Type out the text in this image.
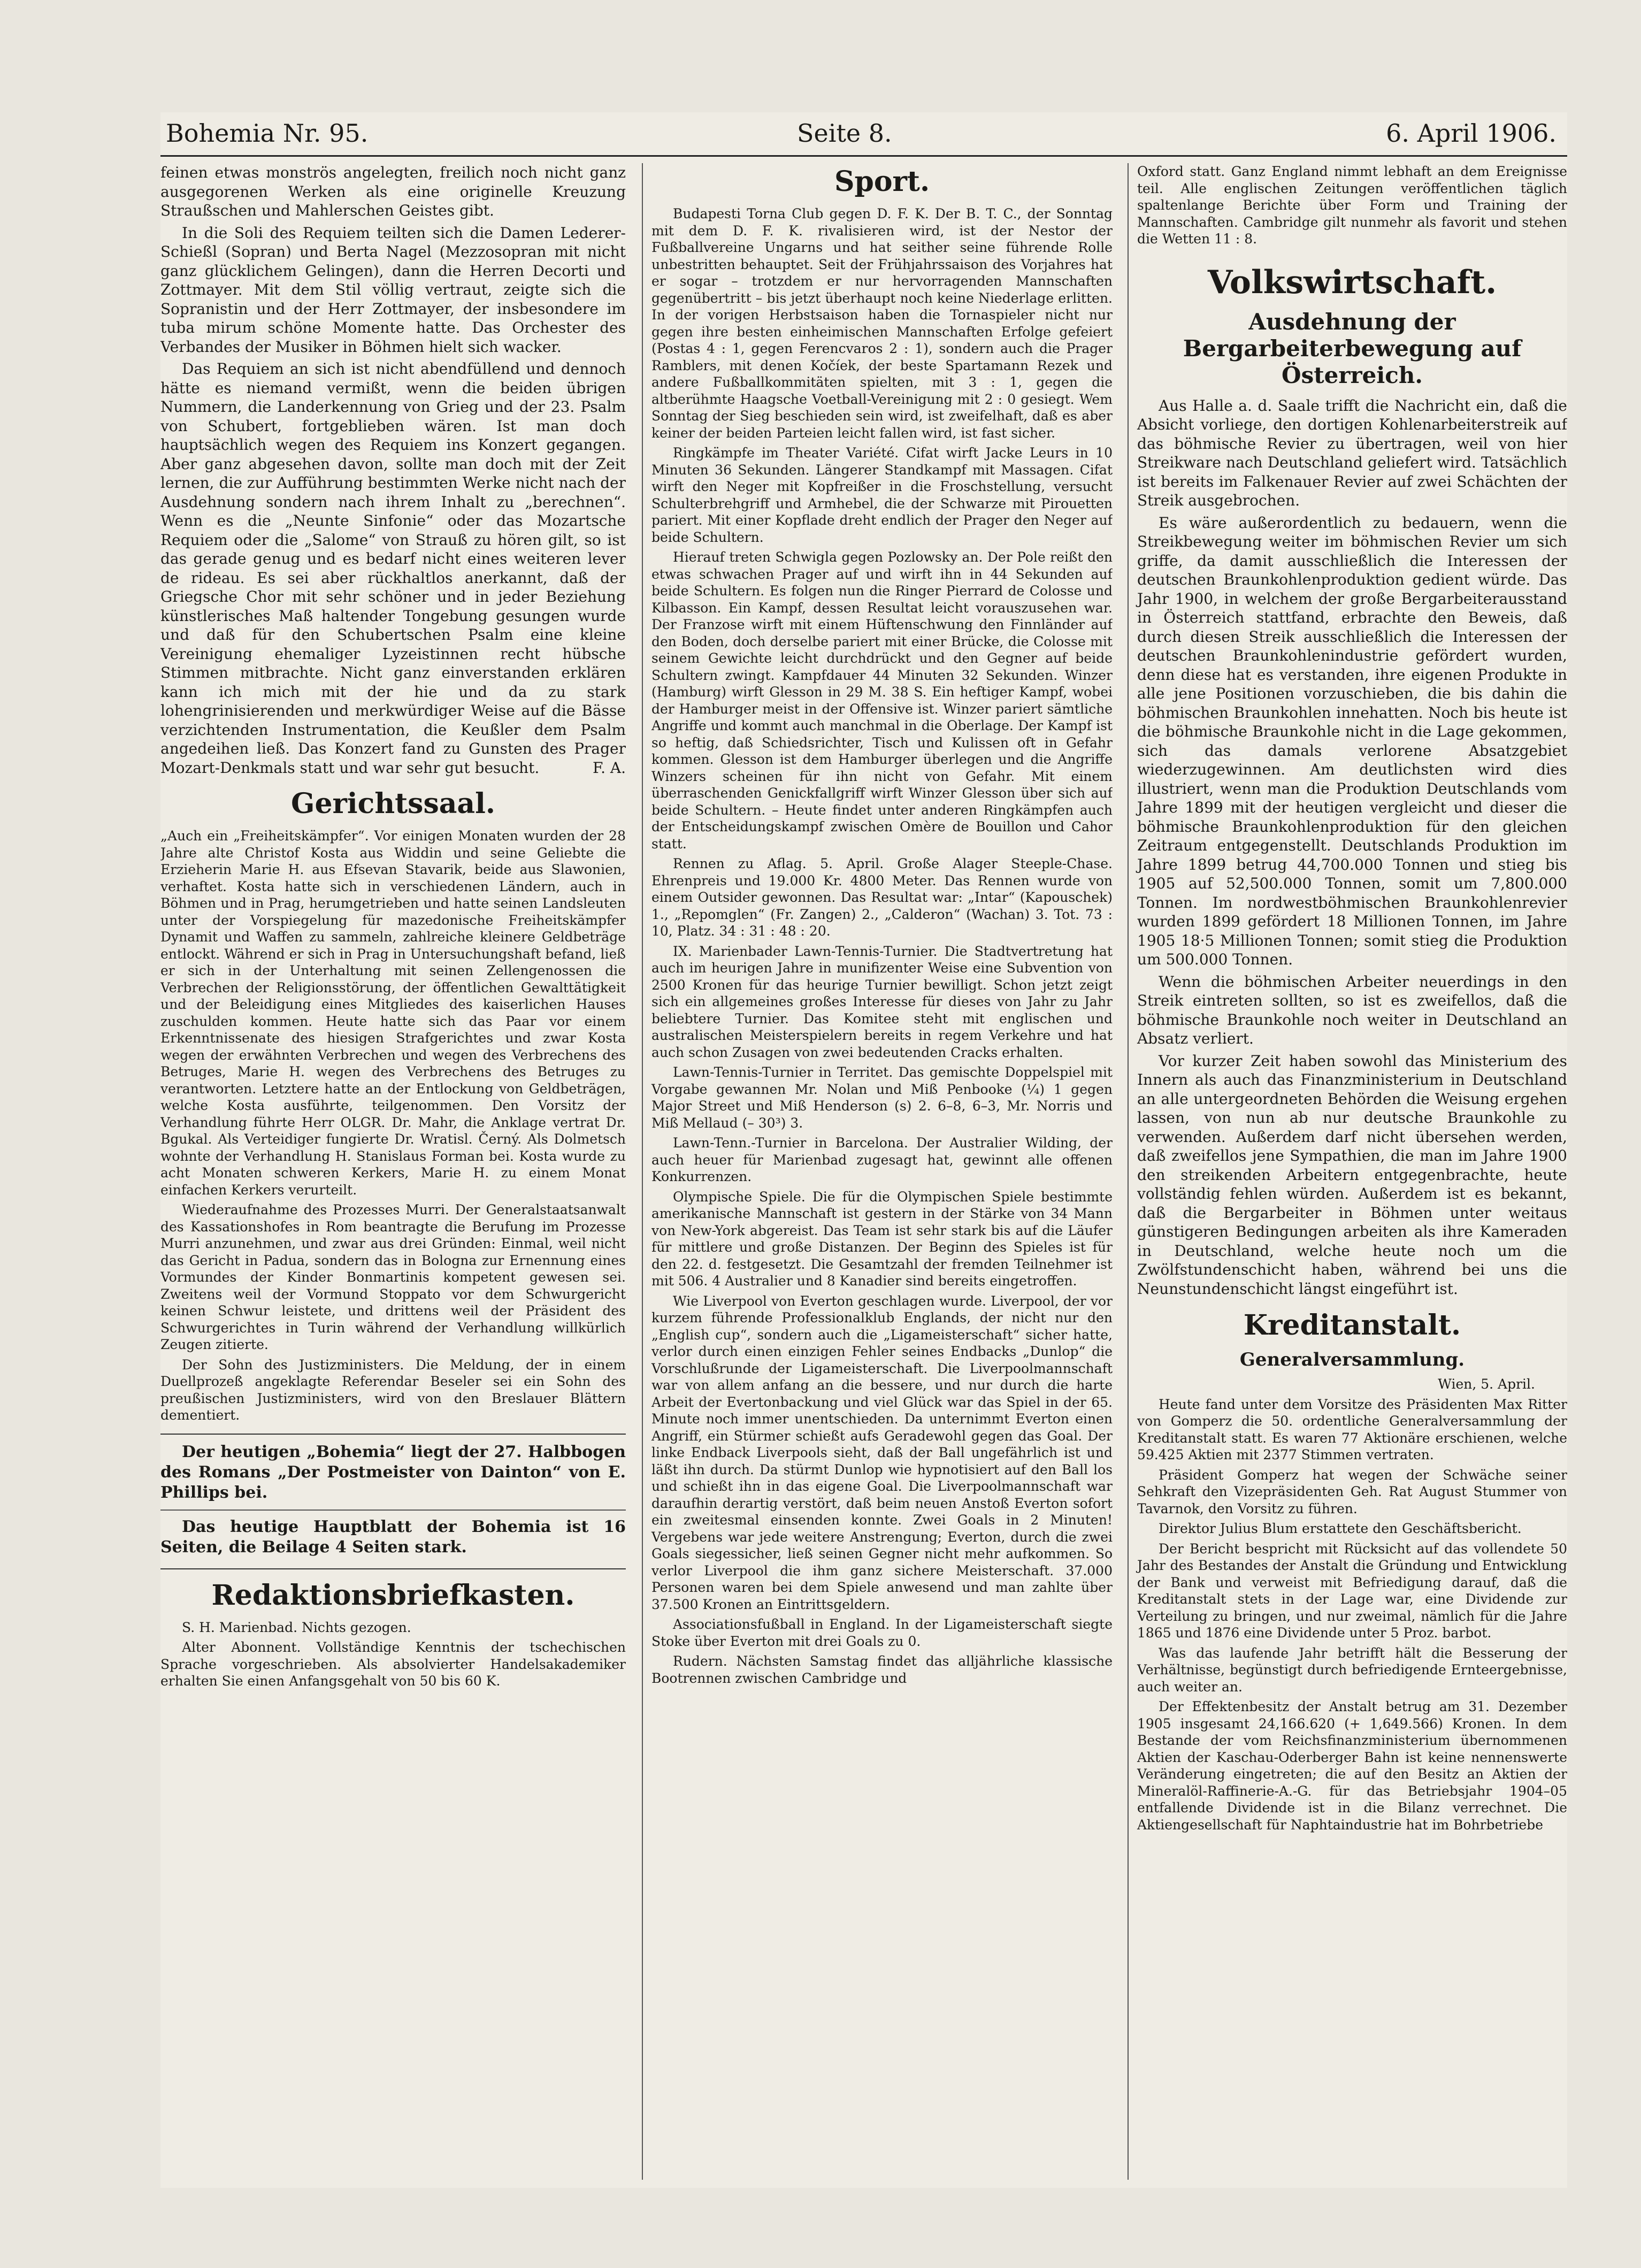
Bohemia Nr. 95.	Seite 8.	6. April 1906.

feinen etwas monströs angelegten, freilich noch nicht ganz ausgegorenen Werken als eine originelle Kreuzung Straußschen und Mahlerschen Geistes gibt.

In die Soli des Requiem teilten sich die Damen Lederer-Schießl (Sopran) und Berta Nagel (Mezzosopran mit nicht ganz glücklichem Gelingen), dann die Herren Decorti und Zottmayer. Mit dem Stil völlig vertraut, zeigte sich die Sopranistin und der Herr Zottmayer, der insbesondere im tuba mirum schöne Momente hatte. Das Orchester des Verbandes der Musiker in Böhmen hielt sich wacker.

Das Requiem an sich ist nicht abendfüllend und dennoch hätte es niemand vermißt, wenn die beiden übrigen Nummern, die Landerkennung von Grieg und der 23. Psalm von Schubert, fortgeblieben wären. Ist man doch hauptsächlich wegen des Requiem ins Konzert gegangen. Aber ganz abgesehen davon, sollte man doch mit der Zeit lernen, die zur Aufführung bestimmten Werke nicht nach der Ausdehnung sondern nach ihrem Inhalt zu „berechnen“. Wenn es die „Neunte Sinfonie“ oder das Mozartsche Requiem oder die „Salome“ von Strauß zu hören gilt, so ist das gerade genug und es bedarf nicht eines weiteren lever de rideau. Es sei aber rückhaltlos anerkannt, daß der Griegsche Chor mit sehr schöner und in jeder Beziehung künstlerisches Maß haltender Tongebung gesungen wurde und daß für den Schubertschen Psalm eine kleine Vereinigung ehemaliger Lyzeistinnen recht hübsche Stimmen mitbrachte. Nicht ganz einverstanden erklären kann ich mich mit der hie und da zu stark lohengrinisierenden und merkwürdiger Weise auf die Bässe verzichtenden Instrumentation, die Keußler dem Psalm angedeihen ließ. Das Konzert fand zu Gunsten des Prager Mozart-Denkmals statt und war sehr gut besucht.	F. A.
Gerichtssaal.

„Auch ein „Freiheitskämpfer“. Vor einigen Monaten wurden der 28 Jahre alte Christof Kosta aus Widdin und seine Geliebte die Erzieherin Marie H. aus Efsevan Stavarik, beide aus Slawonien, verhaftet. Kosta hatte sich in verschiedenen Ländern, auch in Böhmen und in Prag, herumgetrieben und hatte seinen Landsleuten unter der Vorspiegelung für mazedonische Freiheitskämpfer Dynamit und Waffen zu sammeln, zahlreiche kleinere Geldbeträge entlockt. Während er sich in Prag in Untersuchungshaft befand, ließ er sich in der Unterhaltung mit seinen Zellengenossen die Verbrechen der Religionsstörung, der öffentlichen Gewalttätigkeit und der Beleidigung eines Mitgliedes des kaiserlichen Hauses zuschulden kommen. Heute hatte sich das Paar vor einem Erkenntnissenate des hiesigen Strafgerichtes und zwar Kosta wegen der erwähnten Verbrechen und wegen des Verbrechens des Betruges, Marie H. wegen des Verbrechens des Betruges zu verantworten. Letztere hatte an der Entlockung von Geldbeträgen, welche Kosta ausführte, teilgenommen. Den Vorsitz der Verhandlung führte Herr OLGR. Dr. Mahr, die Anklage vertrat Dr. Bgukal. Als Verteidiger fungierte Dr. Wratisl. Černý. Als Dolmetsch wohnte der Verhandlung H. Stanislaus Forman bei. Kosta wurde zu acht Monaten schweren Kerkers, Marie H. zu einem Monat einfachen Kerkers verurteilt.

Wiederaufnahme des Prozesses Murri. Der Generalstaatsanwalt des Kassationshofes in Rom beantragte die Berufung im Prozesse Murri anzunehmen, und zwar aus drei Gründen: Einmal, weil nicht das Gericht in Padua, sondern das in Bologna zur Ernennung eines Vormundes der Kinder Bonmartinis kompetent gewesen sei. Zweitens weil der Vormund Stoppato vor dem Schwurgericht keinen Schwur leistete, und drittens weil der Präsident des Schwurgerichtes in Turin während der Verhandlung willkürlich Zeugen zitierte.

Der Sohn des Justizministers. Die Meldung, der in einem Duellprozeß angeklagte Referendar Beseler sei ein Sohn des preußischen Justizministers, wird von den Breslauer Blättern dementiert.

Der heutigen „Bohemia“ liegt der 27. Halbbogen des Romans „Der Postmeister von Dainton“ von E. Phillips bei.

Das heutige Hauptblatt der Bohemia ist 16 Seiten, die Beilage 4 Seiten stark.

Redaktionsbriefkasten.

S. H. Marienbad. Nichts gezogen.

Alter Abonnent. Vollständige Kenntnis der tschechischen Sprache vorgeschrieben. Als absolvierter Handelsakademiker erhalten Sie einen Anfangsgehalt von 50 bis 60 K.

Sport.

Budapesti Torna Club gegen D. F. K. Der B. T. C., der Sonntag mit dem D. F. K. rivalisieren wird, ist der Nestor der Fußballvereine Ungarns und hat seither seine führende Rolle unbestritten behauptet. Seit der Frühjahrssaison des Vorjahres hat er sogar – trotzdem er nur hervorragenden Mannschaften gegenübertritt – bis jetzt überhaupt noch keine Niederlage erlitten. In der vorigen Herbstsaison haben die Tornaspieler nicht nur gegen ihre besten einheimischen Mannschaften Erfolge gefeiert (Postas 4 : 1, gegen Ferencvaros 2 : 1), sondern auch die Prager Ramblers, mit denen Kočíek, der beste Spartamann Rezek und andere Fußballkommitäten spielten, mit 3 : 1, gegen die altberühmte Haagsche Voetball-Vereinigung mit 2 : 0 gesiegt. Wem Sonntag der Sieg beschieden sein wird, ist zweifelhaft, daß es aber keiner der beiden Parteien leicht fallen wird, ist fast sicher.

Ringkämpfe im Theater Variété. Cifat wirft Jacke Leurs in 10 Minuten 36 Sekunden. Längerer Standkampf mit Massagen. Cifat wirft den Neger mit Kopfreißer in die Froschstellung, versucht Schulterbrehgriff und Armhebel, die der Schwarze mit Pirouetten pariert. Mit einer Kopflade dreht endlich der Prager den Neger auf beide Schultern.

Hierauf treten Schwigla gegen Pozlowsky an. Der Pole reißt den etwas schwachen Prager auf und wirft ihn in 44 Sekunden auf beide Schultern. Es folgen nun die Ringer Pierrard de Colosse und Kilbasson. Ein Kampf, dessen Resultat leicht vorauszusehen war. Der Franzose wirft mit einem Hüftenschwung den Finnländer auf den Boden, doch derselbe pariert mit einer Brücke, die Colosse mit seinem Gewichte leicht durchdrückt und den Gegner auf beide Schultern zwingt. Kampfdauer 44 Minuten 32 Sekunden. Winzer (Hamburg) wirft Glesson in 29 M. 38 S. Ein heftiger Kampf, wobei der Hamburger meist in der Offensive ist. Winzer pariert sämtliche Angriffe und kommt auch manchmal in die Oberlage. Der Kampf ist so heftig, daß Schiedsrichter, Tisch und Kulissen oft in Gefahr kommen. Glesson ist dem Hamburger überlegen und die Angriffe Winzers scheinen für ihn nicht von Gefahr. Mit einem überraschenden Genickfallgriff wirft Winzer Glesson über sich auf beide Schultern. – Heute findet unter anderen Ringkämpfen auch der Entscheidungskampf zwischen Omère de Bouillon und Cahor statt.

Rennen zu Aflag. 5. April. Große Alager Steeple-Chase. Ehrenpreis und 19.000 Kr. 4800 Meter. Das Rennen wurde von einem Outsider gewonnen. Das Resultat war: „Intar“ (Kapouschek) 1., „Repomglen“ (Fr. Zangen) 2., „Calderon“ (Wachan) 3. Tot. 73 : 10, Platz. 34 : 31 : 48 : 20.

IX. Marienbader Lawn-Tennis-Turnier. Die Stadtvertretung hat auch im heurigen Jahre in munifizenter Weise eine Subvention von 2500 Kronen für das heurige Turnier bewilligt. Schon jetzt zeigt sich ein allgemeines großes Interesse für dieses von Jahr zu Jahr beliebtere Turnier. Das Komitee steht mit englischen und australischen Meisterspielern bereits in regem Verkehre und hat auch schon Zusagen von zwei bedeutenden Cracks erhalten.

Lawn-Tennis-Turnier in Territet. Das gemischte Doppelspiel mit Vorgabe gewannen Mr. Nolan und Miß Penbooke (¼) 1 gegen Major Street und Miß Henderson (s) 2. 6–8, 6–3, Mr. Norris und Miß Mellaud (– 30³) 3.

Lawn-Tenn.-Turnier in Barcelona. Der Australier Wilding, der auch heuer für Marienbad zugesagt hat, gewinnt alle offenen Konkurrenzen.

Olympische Spiele. Die für die Olympischen Spiele bestimmte amerikanische Mannschaft ist gestern in der Stärke von 34 Mann von New-York abgereist. Das Team ist sehr stark bis auf die Läufer für mittlere und große Distanzen. Der Beginn des Spieles ist für den 22. d. festgesetzt. Die Gesamtzahl der fremden Teilnehmer ist mit 506. 4 Australier und 8 Kanadier sind bereits eingetroffen.

Wie Liverpool von Everton geschlagen wurde. Liverpool, der vor kurzem führende Professionalklub Englands, der nicht nur den „English cup“, sondern auch die „Ligameisterschaft“ sicher hatte, verlor durch einen einzigen Fehler seines Endbacks „Dunlop“ die Vorschlußrunde der Ligameisterschaft. Die Liverpoolmannschaft war von allem anfang an die bessere, und nur durch die harte Arbeit der Evertonbackung und viel Glück war das Spiel in der 65. Minute noch immer unentschieden. Da unternimmt Everton einen Angriff, ein Stürmer schießt aufs Geradewohl gegen das Goal. Der linke Endback Liverpools sieht, daß der Ball ungefährlich ist und läßt ihn durch. Da stürmt Dunlop wie hypnotisiert auf den Ball los und schießt ihn in das eigene Goal. Die Liverpoolmannschaft war daraufhin derartig verstört, daß beim neuen Anstoß Everton sofort ein zweitesmal einsenden konnte. Zwei Goals in 2 Minuten! Vergebens war jede weitere Anstrengung; Everton, durch die zwei Goals siegessicher, ließ seinen Gegner nicht mehr aufkommen. So verlor Liverpool die ihm ganz sichere Meisterschaft. 37.000 Personen waren bei dem Spiele anwesend und man zahlte über 37.500 Kronen an Eintrittsgeldern.

Associationsfußball in England. In der Ligameisterschaft siegte Stoke über Everton mit drei Goals zu 0.

Rudern. Nächsten Samstag findet das alljährliche klassische Bootrennen zwischen Cambridge und

Oxford statt. Ganz England nimmt lebhaft an dem Ereignisse teil. Alle englischen Zeitungen veröffentlichen täglich spaltenlange Berichte über Form und Training der Mannschaften. Cambridge gilt nunmehr als favorit und stehen die Wetten 11 : 8.

Volkswirtschaft.
Ausdehnung der Bergarbeiterbewegung auf Österreich.

Aus Halle a. d. Saale trifft die Nachricht ein, daß die Absicht vorliege, den dortigen Kohlenarbeiterstreik auf das böhmische Revier zu übertragen, weil von hier Streikware nach Deutschland geliefert wird. Tatsächlich ist bereits im Falkenauer Revier auf zwei Schächten der Streik ausgebrochen.

Es wäre außerordentlich zu bedauern, wenn die Streikbewegung weiter im böhmischen Revier um sich griffe, da damit ausschließlich die Interessen der deutschen Braunkohlenproduktion gedient würde. Das Jahr 1900, in welchem der große Bergarbeiterausstand in Österreich stattfand, erbrachte den Beweis, daß durch diesen Streik ausschließlich die Interessen der deutschen Braunkohlenindustrie gefördert wurden, denn diese hat es verstanden, ihre eigenen Produkte in alle jene Positionen vorzuschieben, die bis dahin die böhmischen Braunkohlen innehatten. Noch bis heute ist die böhmische Braunkohle nicht in die Lage gekommen, sich das damals verlorene Absatzgebiet wiederzugewinnen. Am deutlichsten wird dies illustriert, wenn man die Produktion Deutschlands vom Jahre 1899 mit der heutigen vergleicht und dieser die böhmische Braunkohlenproduktion für den gleichen Zeitraum entgegenstellt. Deutschlands Produktion im Jahre 1899 betrug 44,700.000 Tonnen und stieg bis 1905 auf 52,500.000 Tonnen, somit um 7,800.000 Tonnen. Im nordwestböhmischen Braunkohlenrevier wurden 1899 gefördert 18 Millionen Tonnen, im Jahre 1905 18·5 Millionen Tonnen; somit stieg die Produktion um 500.000 Tonnen.

Wenn die böhmischen Arbeiter neuerdings in den Streik eintreten sollten, so ist es zweifellos, daß die böhmische Braunkohle noch weiter in Deutschland an Absatz verliert.

Vor kurzer Zeit haben sowohl das Ministerium des Innern als auch das Finanzministerium in Deutschland an alle untergeordneten Behörden die Weisung ergehen lassen, von nun ab nur deutsche Braunkohle zu verwenden. Außerdem darf nicht übersehen werden, daß zweifellos jene Sympathien, die man im Jahre 1900 den streikenden Arbeitern entgegenbrachte, heute vollständig fehlen würden. Außerdem ist es bekannt, daß die Bergarbeiter in Böhmen unter weitaus günstigeren Bedingungen arbeiten als ihre Kameraden in Deutschland, welche heute noch um die Zwölfstundenschicht haben, während bei uns die Neunstundenschicht längst eingeführt ist.

Kreditanstalt.
Generalversammlung.

Wien, 5. April.

Heute fand unter dem Vorsitze des Präsidenten Max Ritter von Gomperz die 50. ordentliche Generalversammlung der Kreditanstalt statt. Es waren 77 Aktionäre erschienen, welche 59.425 Aktien mit 2377 Stimmen vertraten.

Präsident Gomperz hat wegen der Schwäche seiner Sehkraft den Vizepräsidenten Geh. Rat August Stummer von Tavarnok, den Vorsitz zu führen.

Direktor Julius Blum erstattete den Geschäftsbericht.

Der Bericht bespricht mit Rücksicht auf das vollendete 50 Jahr des Bestandes der Anstalt die Gründung und Entwicklung der Bank und verweist mit Befriedigung darauf, daß die Kreditanstalt stets in der Lage war, eine Dividende zur Verteilung zu bringen, und nur zweimal, nämlich für die Jahre 1865 und 1876 eine Dividende unter 5 Proz. barbot.

Was das laufende Jahr betrifft hält die Besserung der Verhältnisse, begünstigt durch befriedigende Ernteergebnisse, auch weiter an.

Der Effektenbesitz der Anstalt betrug am 31. Dezember 1905 insgesamt 24,166.620 (+ 1,649.566) Kronen. In dem Bestande der vom Reichsfinanzministerium übernommenen Aktien der Kaschau-Oderberger Bahn ist keine nennenswerte Veränderung eingetreten; die auf den Besitz an Aktien der Mineralöl-Raffinerie-A.-G. für das Betriebsjahr 1904–05 entfallende Dividende ist in die Bilanz verrechnet. Die Aktiengesellschaft für Naphtaindustrie hat im Bohrbetriebe
